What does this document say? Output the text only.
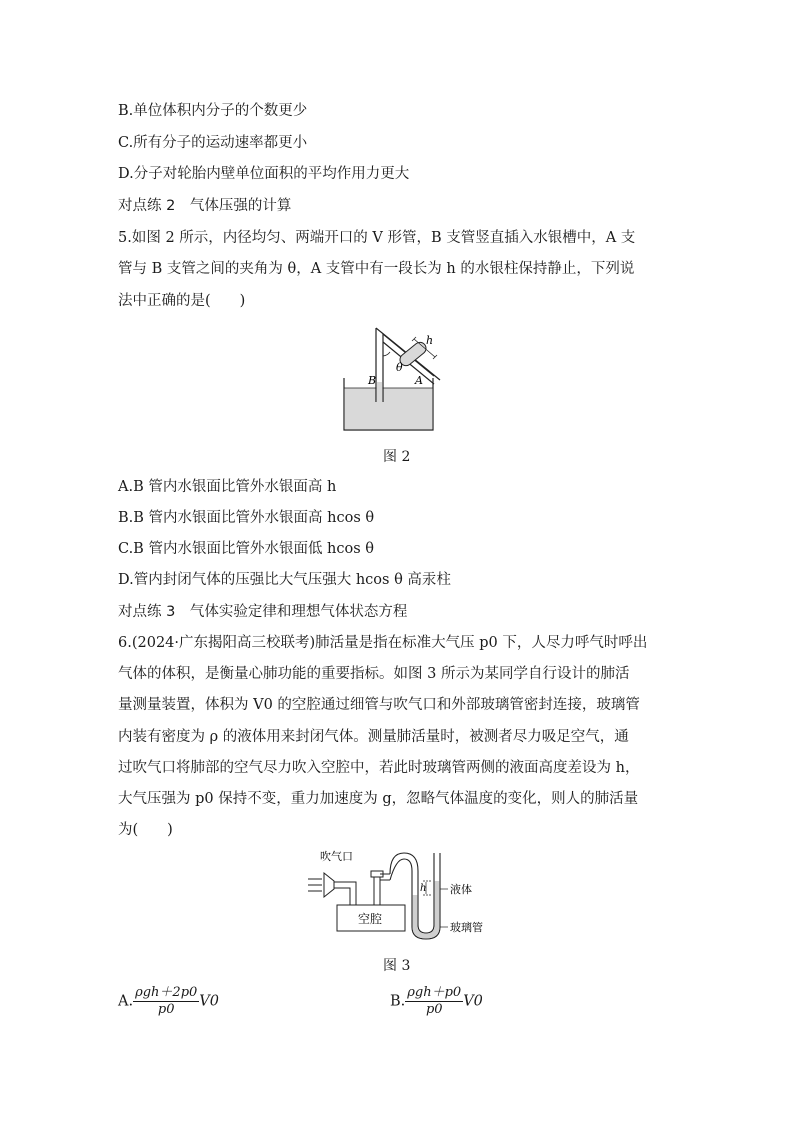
B.单位体积内分子的个数更少
C.所有分子的运动速率都更小
D.分子对轮胎内壁单位面积的平均作用力更大
对点练 2　气体压强的计算
5.如图 2 所示，内径均匀、两端开口的 V 形管，B 支管竖直插入水银槽中，A 支
管与 B 支管之间的夹角为 θ，A 支管中有一段长为 h 的水银柱保持静止，下列说
法中正确的是(　　)
h
θ
B	A
图 2
A.B 管内水银面比管外水银面高 h
B.B 管内水银面比管外水银面高 hcos θ
C.B 管内水银面比管外水银面低 hcos θ
D.管内封闭气体的压强比大气压强大 hcos θ 高汞柱
对点练 3　气体实验定律和理想气体状态方程
6.(2024·广东揭阳高三校联考)肺活量是指在标准大气压 p0 下，人尽力呼气时呼出
气体的体积，是衡量心肺功能的重要指标。如图 3 所示为某同学自行设计的肺活
量测量装置，体积为 V0 的空腔通过细管与吹气口和外部玻璃管密封连接，玻璃管
内装有密度为 ρ 的液体用来封闭气体。测量肺活量时，被测者尽力吸足空气，通
过吹气口将肺部的空气尽力吹入空腔中，若此时玻璃管两侧的液面高度差设为 h，
大气压强为 p0 保持不变，重力加速度为 g，忽略气体温度的变化，则人的肺活量
为(　　)
吹气口
空腔
h 液体
玻璃管
图 3
A. $\frac{\text{ρgh＋2p0}}{p0} V0$	B. $\frac{\text{ρgh＋p0}}{p0} V0$
